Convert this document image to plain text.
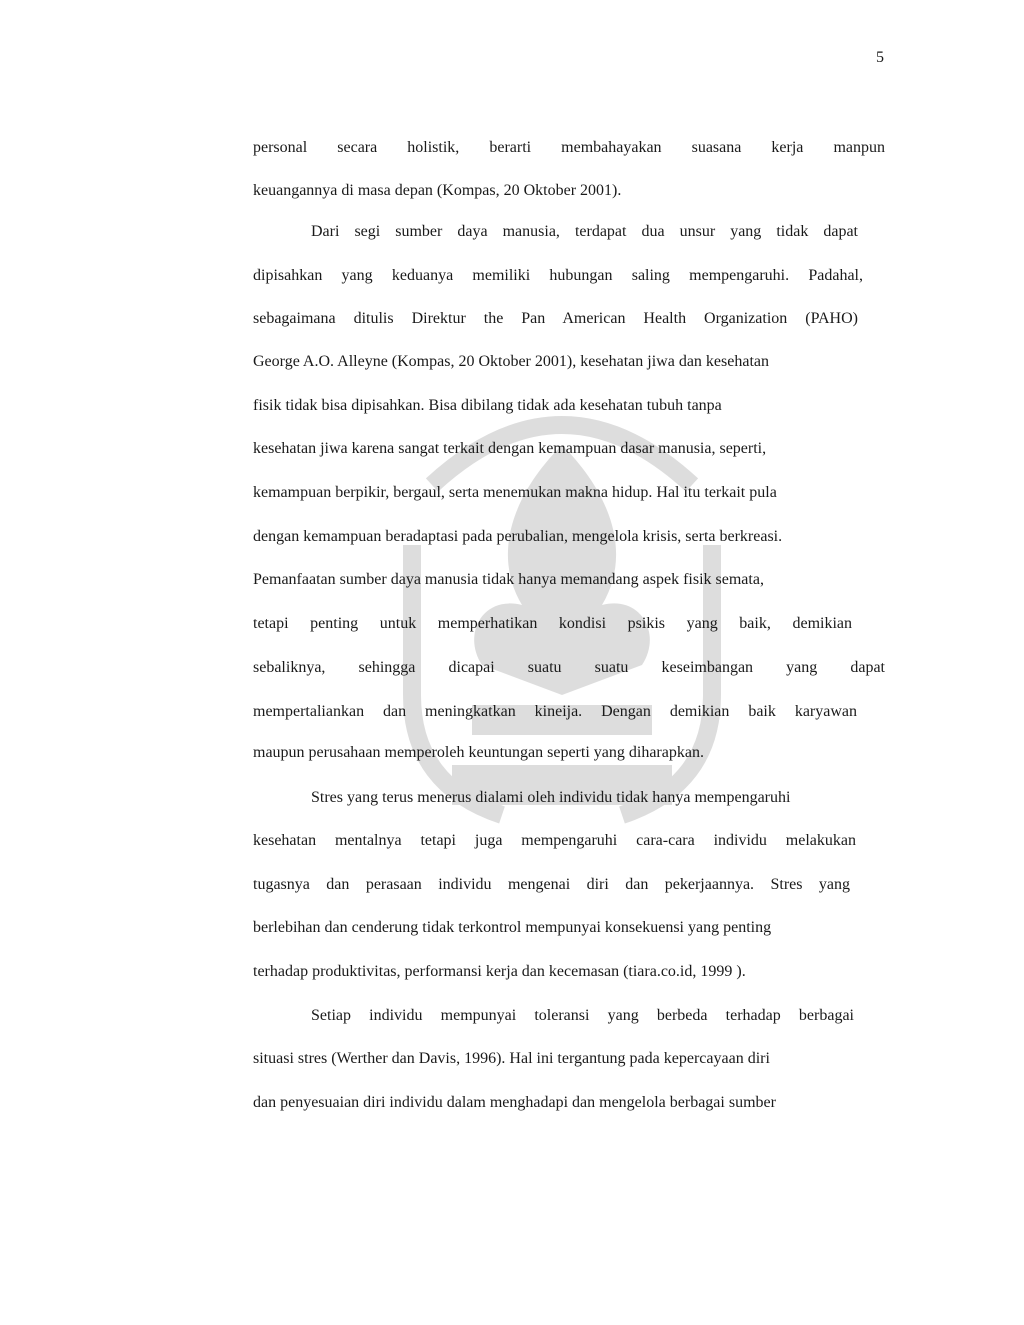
5
personal secara holistik, berarti membahayakan suasana kerja manpun
keuangannya di masa depan (Kompas, 20 Oktober 2001).
Dari segi sumber daya manusia, terdapat dua unsur yang tidak dapat
dipisahkan yang keduanya memiliki hubungan saling mempengaruhi. Padahal,
sebagaimana ditulis Direktur the Pan American Health Organization (PAHO)
George A.O. Alleyne (Kompas, 20 Oktober 2001), kesehatan jiwa dan kesehatan
fisik tidak bisa dipisahkan. Bisa dibilang tidak ada kesehatan tubuh tanpa
kesehatan jiwa karena sangat terkait dengan kemampuan dasar manusia, seperti,
kemampuan berpikir, bergaul, serta menemukan makna hidup. Hal itu terkait pula
dengan kemampuan beradaptasi pada perubalian, mengelola krisis, serta berkreasi.
Pemanfaatan sumber daya manusia tidak hanya memandang aspek fisik semata,
tetapi penting untuk memperhatikan kondisi psikis yang baik, demikian
sebaliknya, sehingga dicapai suatu suatu keseimbangan yang dapat
mempertaliankan dan meningkatkan kineija. Dengan demikian baik karyawan
maupun perusahaan memperoleh keuntungan seperti yang diharapkan.
Stres yang terus menerus dialami oleh individu tidak hanya mempengaruhi
kesehatan mentalnya tetapi juga mempengaruhi cara-cara individu melakukan
tugasnya dan perasaan individu mengenai diri dan pekerjaannya. Stres yang
berlebihan dan cenderung tidak terkontrol mempunyai konsekuensi yang penting
terhadap produktivitas, performansi kerja dan kecemasan (tiara.co.id, 1999 ).
Setiap individu mempunyai toleransi yang berbeda terhadap berbagai
situasi stres (Werther dan Davis, 1996). Hal ini tergantung pada kepercayaan diri
dan penyesuaian diri individu dalam menghadapi dan mengelola berbagai sumber
